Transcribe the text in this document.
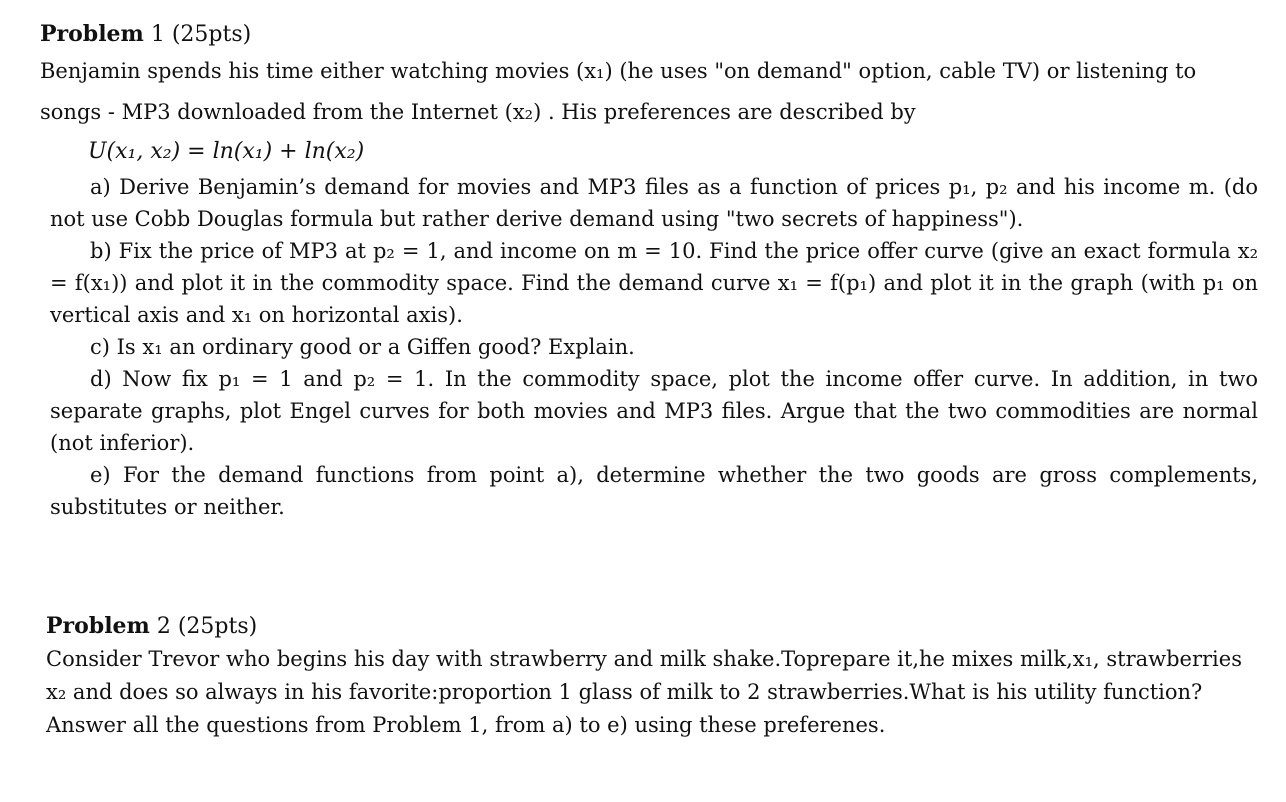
Problem 1 (25pts)

Benjamin spends his time either watching movies (x₁) (he uses "on demand" option, cable TV) or listening to songs - MP3 downloaded from the Internet (x₂) . His preferences are described by

U(x₁, x₂) = ln(x₁) + ln(x₂)

a) Derive Benjamin’s demand for movies and MP3 files as a function of prices p₁, p₂ and his income m. (do not use Cobb Douglas formula but rather derive demand using "two secrets of happiness").

b) Fix the price of MP3 at p₂ = 1, and income on m = 10. Find the price offer curve (give an exact formula x₂ = f(x₁)) and plot it in the commodity space. Find the demand curve x₁ = f(p₁) and plot it in the graph (with p₁ on vertical axis and x₁ on horizontal axis).

c) Is x₁ an ordinary good or a Giffen good? Explain.

d) Now fix p₁ = 1 and p₂ = 1. In the commodity space, plot the income offer curve. In addition, in two separate graphs, plot Engel curves for both movies and MP3 files. Argue that the two commodities are normal (not inferior).

e) For the demand functions from point a), determine whether the two goods are gross complements, substitutes or neither.

Problem 2 (25pts)

Consider Trevor who begins his day with strawberry and milk shake.Toprepare it,he mixes milk,x₁, strawberries x₂ and does so always in his favorite:proportion 1 glass of milk to 2 strawberries.What is his utility function?Answer all the questions from Problem 1, from a) to e) using these preferenes.
